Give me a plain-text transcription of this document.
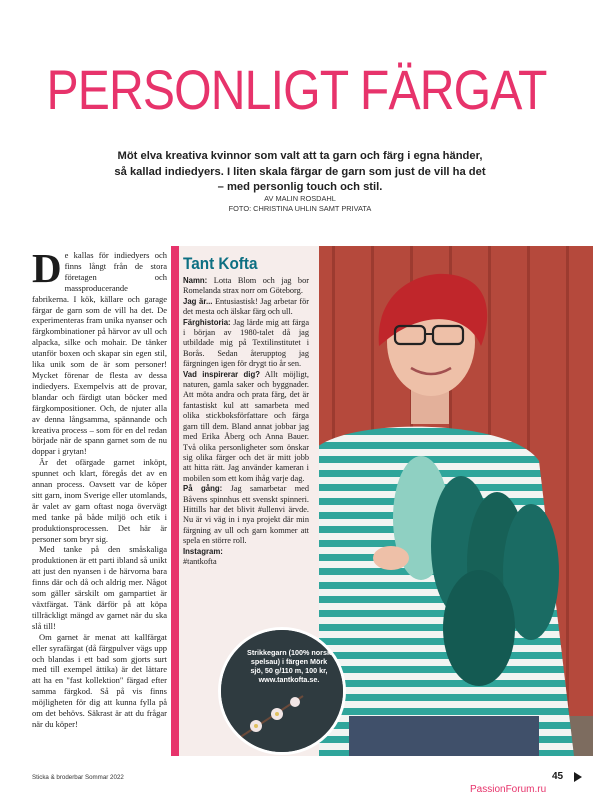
PERSONLIGT FÄRGAT
Möt elva kreativa kvinnor som valt att ta garn och färg i egna händer, så kallad indiedyers. I liten skala färgar de garn som just de vill ha det – med personlig touch och stil.
AV MALIN ROSDAHL
FOTO: CHRISTINA UHLIN SAMT PRIVATA

De kallas för indiedyers och finns långt från de stora företagen och massproducerande fabrikerna. I kök, källare och garage färgar de garn som de vill ha det. De experimenteras fram unika nyanser och färgkombinationer på härvor av ull och alpacka, silke och mohair. De tänker utanför boxen och skapar sin egen stil, lika unik som de är som personer! Mycket förenar de flesta av dessa indiedyers. Exempelvis att de provar, blandar och färdigt utan böcker med färgkompositioner. Och, de njuter alla av denna långsamma, spännande och kreativa process – som för en del redan började när de spann garnet som de nu doppar i grytan!

Är det ofärgade garnet inköpt, spunnet och klart, föregås det av en annan process. Oavsett var de köper sitt garn, inom Sverige eller utomlands, är valet av garn oftast noga övervägt med tanke på både miljö och etik i produktionsprocessen. Det här är personer som bryr sig.

Med tanke på den småskaliga produktionen är ett parti ibland så unikt att just den nyansen i de härvorna bara finns där och då och aldrig mer. Något som gäller särskilt om garnpartiet är växtfärgat. Tänk därför på att köpa tillräckligt mängd av garnet när du ska slå till!

Om garnet är menat att kallfärgat eller syrafärgat (då färgpulver vägs upp och blandas i ett bad som gjorts surt med till exempel ättika) är det lättare att ha en "fast kollektion" färgad efter samma färgkod. Så på vis finns möjligheten för dig att kunna fylla på om det behövs. Säkrast är att du frågar när du köper!

Tant Kofta

Namn: Lotta Blom och jag bor Romelanda strax norr om Göteborg.

Jag är... Entusiastisk! Jag arbetar för det mesta och älskar färg och ull.

Färghistoria: Jag lärde mig att färga i början av 1980-talet då jag utbildade mig på Textilinstitutet i Borås. Sedan återupptog jag färgningen igen för drygt tio år sen.

Vad inspirerar dig? Allt möjligt, naturen, gamla saker och byggnader. Att möta andra och prata färg, det är fantastiskt kul att samarbeta med olika stickboksförfattare och färga garn till dem. Bland annat jobbar jag med Erika Åberg och Anna Bauer. Två olika personligheter som önskar sig olika färger och det är mitt jobb att hitta rätt. Jag använder kameran i mobilen som ett kom ihåg varje dag.

På gång: Jag samarbetar med Båvens spinnhus ett svenskt spinneri. Hittills har det blivit #ullenvi ärvde. Nu är vi väg in i nya projekt där min färgning av ull och garn kommer att spela en större roll.

Instagram:
#tantkofta

Strikkegarn (100% norsk spelsau) i färgen Mörk sjö, 50 g/110 m, 100 kr, www.tantkofta.se.
Sticka & broderbar Sommar 2022	45
PassionForum.ru
